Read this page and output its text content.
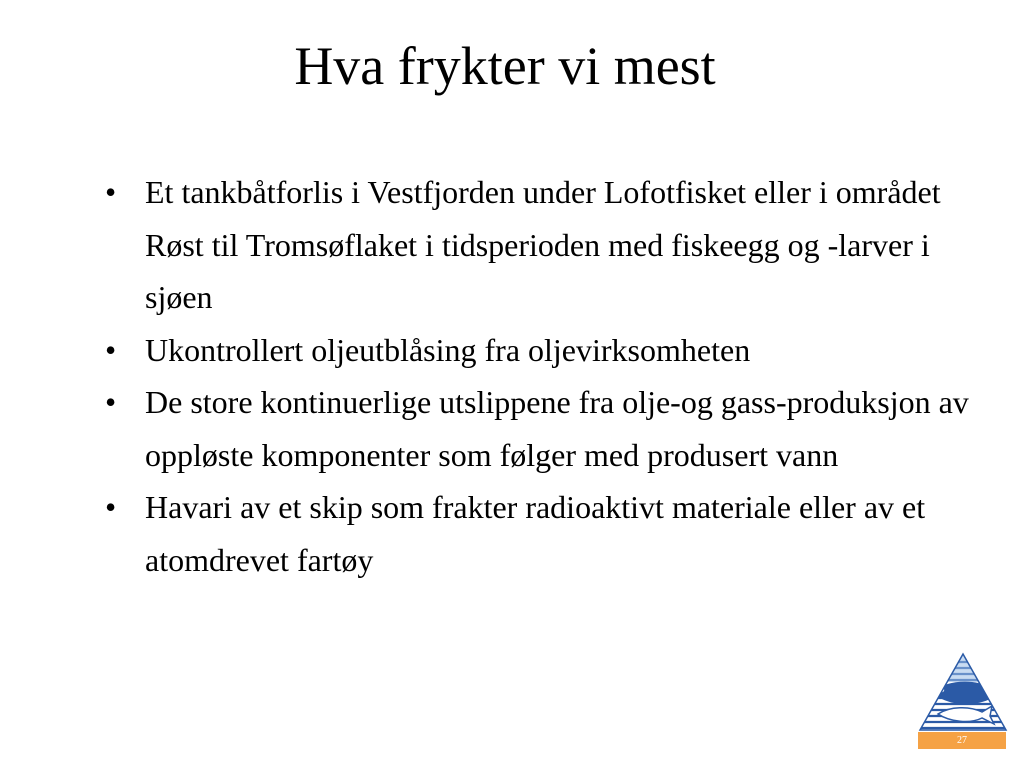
Hva frykter vi mest
• Et tankbåtforlis i Vestfjorden under Lofotfisket eller i området Røst til Tromsøflaket i tidsperioden med fiskeegg og -larver i sjøen
• Ukontrollert oljeutblåsing fra oljevirksomheten
• De store kontinuerlige utslippene fra olje-og gass-produksjon av oppløste komponenter som følger med produsert vann
• Havari av et skip som frakter radioaktivt materiale eller av et atomdrevet fartøy
27
